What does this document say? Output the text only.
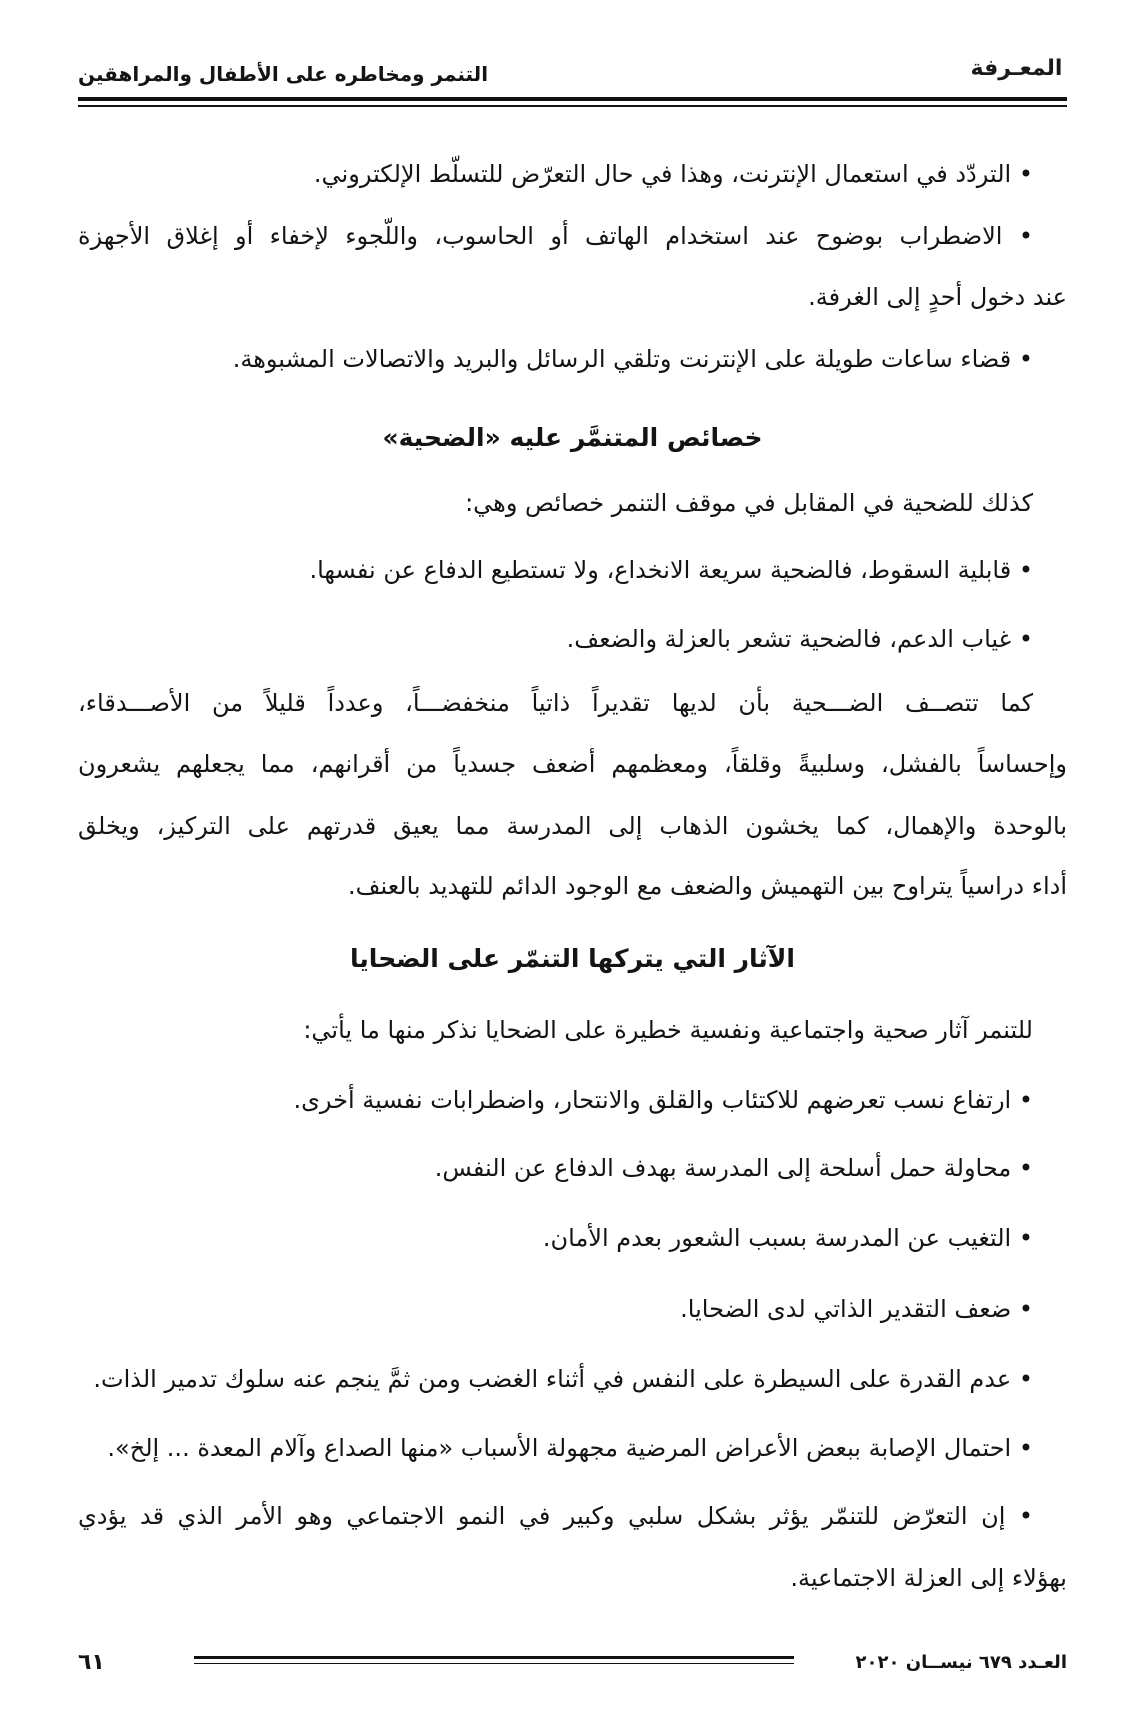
المعـرفة
التنمر ومخاطره على الأطفال والمراهقين
• التردّد في استعمال الإنترنت، وهذا في حال التعرّض للتسلّط الإلكتروني.
• الاضطراب بوضوح عند استخدام الهاتف أو الحاسوب، واللّجوء لإخفاء أو إغلاق الأجهزة
عند دخول أحدٍ إلى الغرفة.
• قضاء ساعات طويلة على الإنترنت وتلقي الرسائل والبريد والاتصالات المشبوهة.
خصائص المتنمَّر عليه «الضحية»
كذلك للضحية في المقابل في موقف التنمر خصائص وهي:
• قابلية السقوط، فالضحية سريعة الانخداع، ولا تستطيع الدفاع عن نفسها.
• غياب الدعم، فالضحية تشعر بالعزلة والضعف.
كما تتصــف الضـــحية بأن لديها تقديراً ذاتياً منخفضـــاً، وعدداً قليلاً من الأصـــدقاء،
وإحساساً بالفشل، وسلبيةً وقلقاً، ومعظمهم أضعف جسدياً من أقرانهم، مما يجعلهم يشعرون
بالوحدة والإهمال، كما يخشون الذهاب إلى المدرسة مما يعيق قدرتهم على التركيز، ويخلق
أداء دراسياً يتراوح بين التهميش والضعف مع الوجود الدائم للتهديد بالعنف.
الآثار التي يتركها التنمّر على الضحايا
للتنمر آثار صحية واجتماعية ونفسية خطيرة على الضحايا نذكر منها ما يأتي:
• ارتفاع نسب تعرضهم للاكتئاب والقلق والانتحار، واضطرابات نفسية أخرى.
• محاولة حمل أسلحة إلى المدرسة بهدف الدفاع عن النفس.
• التغيب عن المدرسة بسبب الشعور بعدم الأمان.
• ضعف التقدير الذاتي لدى الضحايا.
• عدم القدرة على السيطرة على النفس في أثناء الغضب ومن ثمَّ ينجم عنه سلوك تدمير الذات.
• احتمال الإصابة ببعض الأعراض المرضية مجهولة الأسباب «منها الصداع وآلام المعدة ... إلخ».
• إن التعرّض للتنمّر يؤثر بشكل سلبي وكبير في النمو الاجتماعي وهو الأمر الذي قد يؤدي
بهؤلاء إلى العزلة الاجتماعية.
٦١	العـدد ٦٧٩ نيســان ٢٠٢٠
